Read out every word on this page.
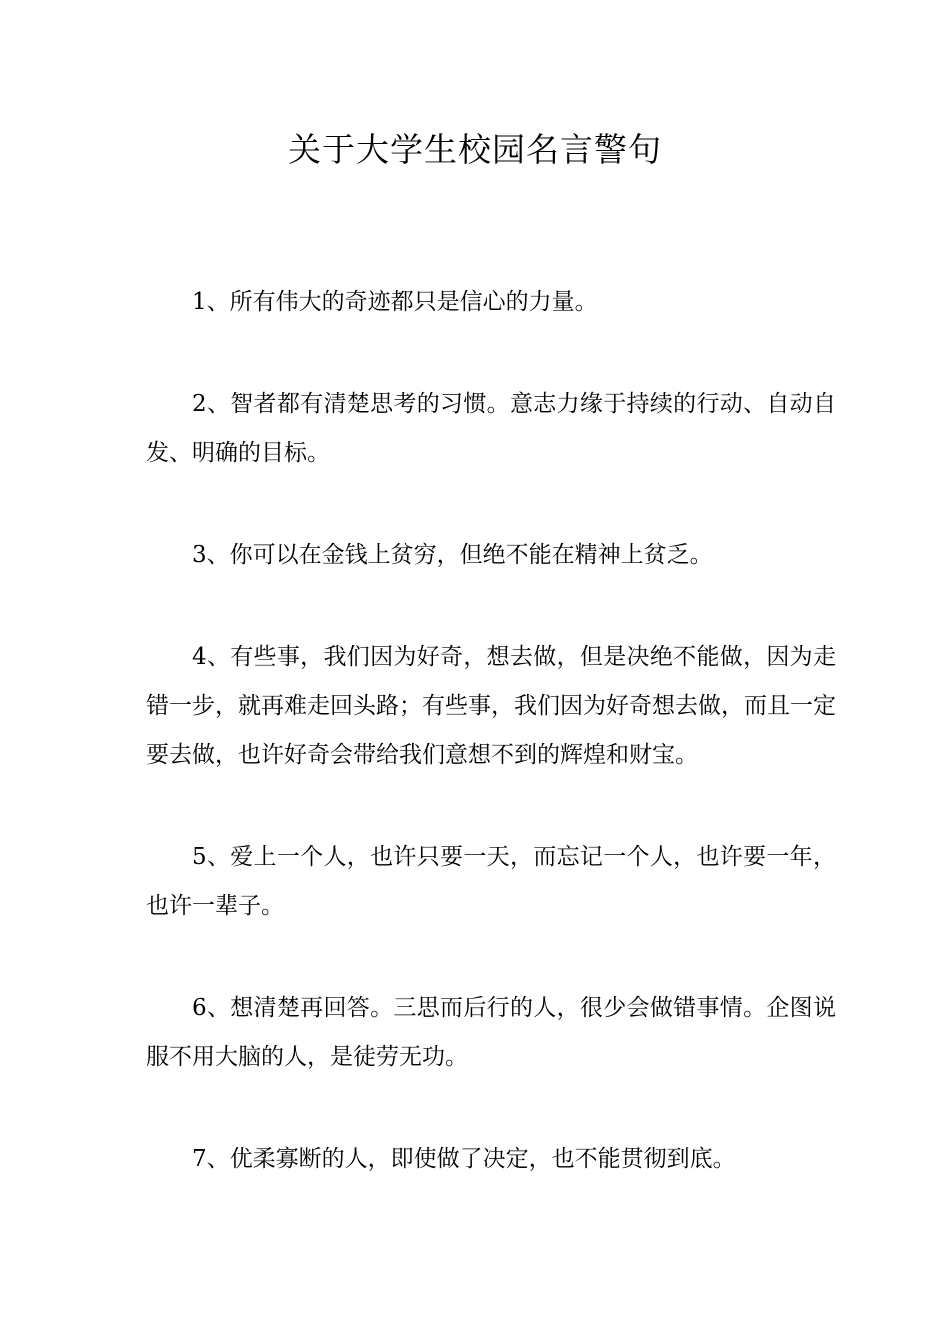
关于大学生校园名言警句

1、所有伟大的奇迹都只是信心的力量。

2、智者都有清楚思考的习惯。意志力缘于持续的行动、自动自发、明确的目标。

3、你可以在金钱上贫穷，但绝不能在精神上贫乏。

4、有些事，我们因为好奇，想去做，但是决绝不能做，因为走错一步，就再难走回头路；有些事，我们因为好奇想去做，而且一定要去做，也许好奇会带给我们意想不到的辉煌和财宝。

5、爱上一个人，也许只要一天，而忘记一个人，也许要一年，也许一辈子。

6、想清楚再回答。三思而后行的人，很少会做错事情。企图说服不用大脑的人，是徒劳无功。

7、优柔寡断的人，即使做了决定，也不能贯彻到底。
